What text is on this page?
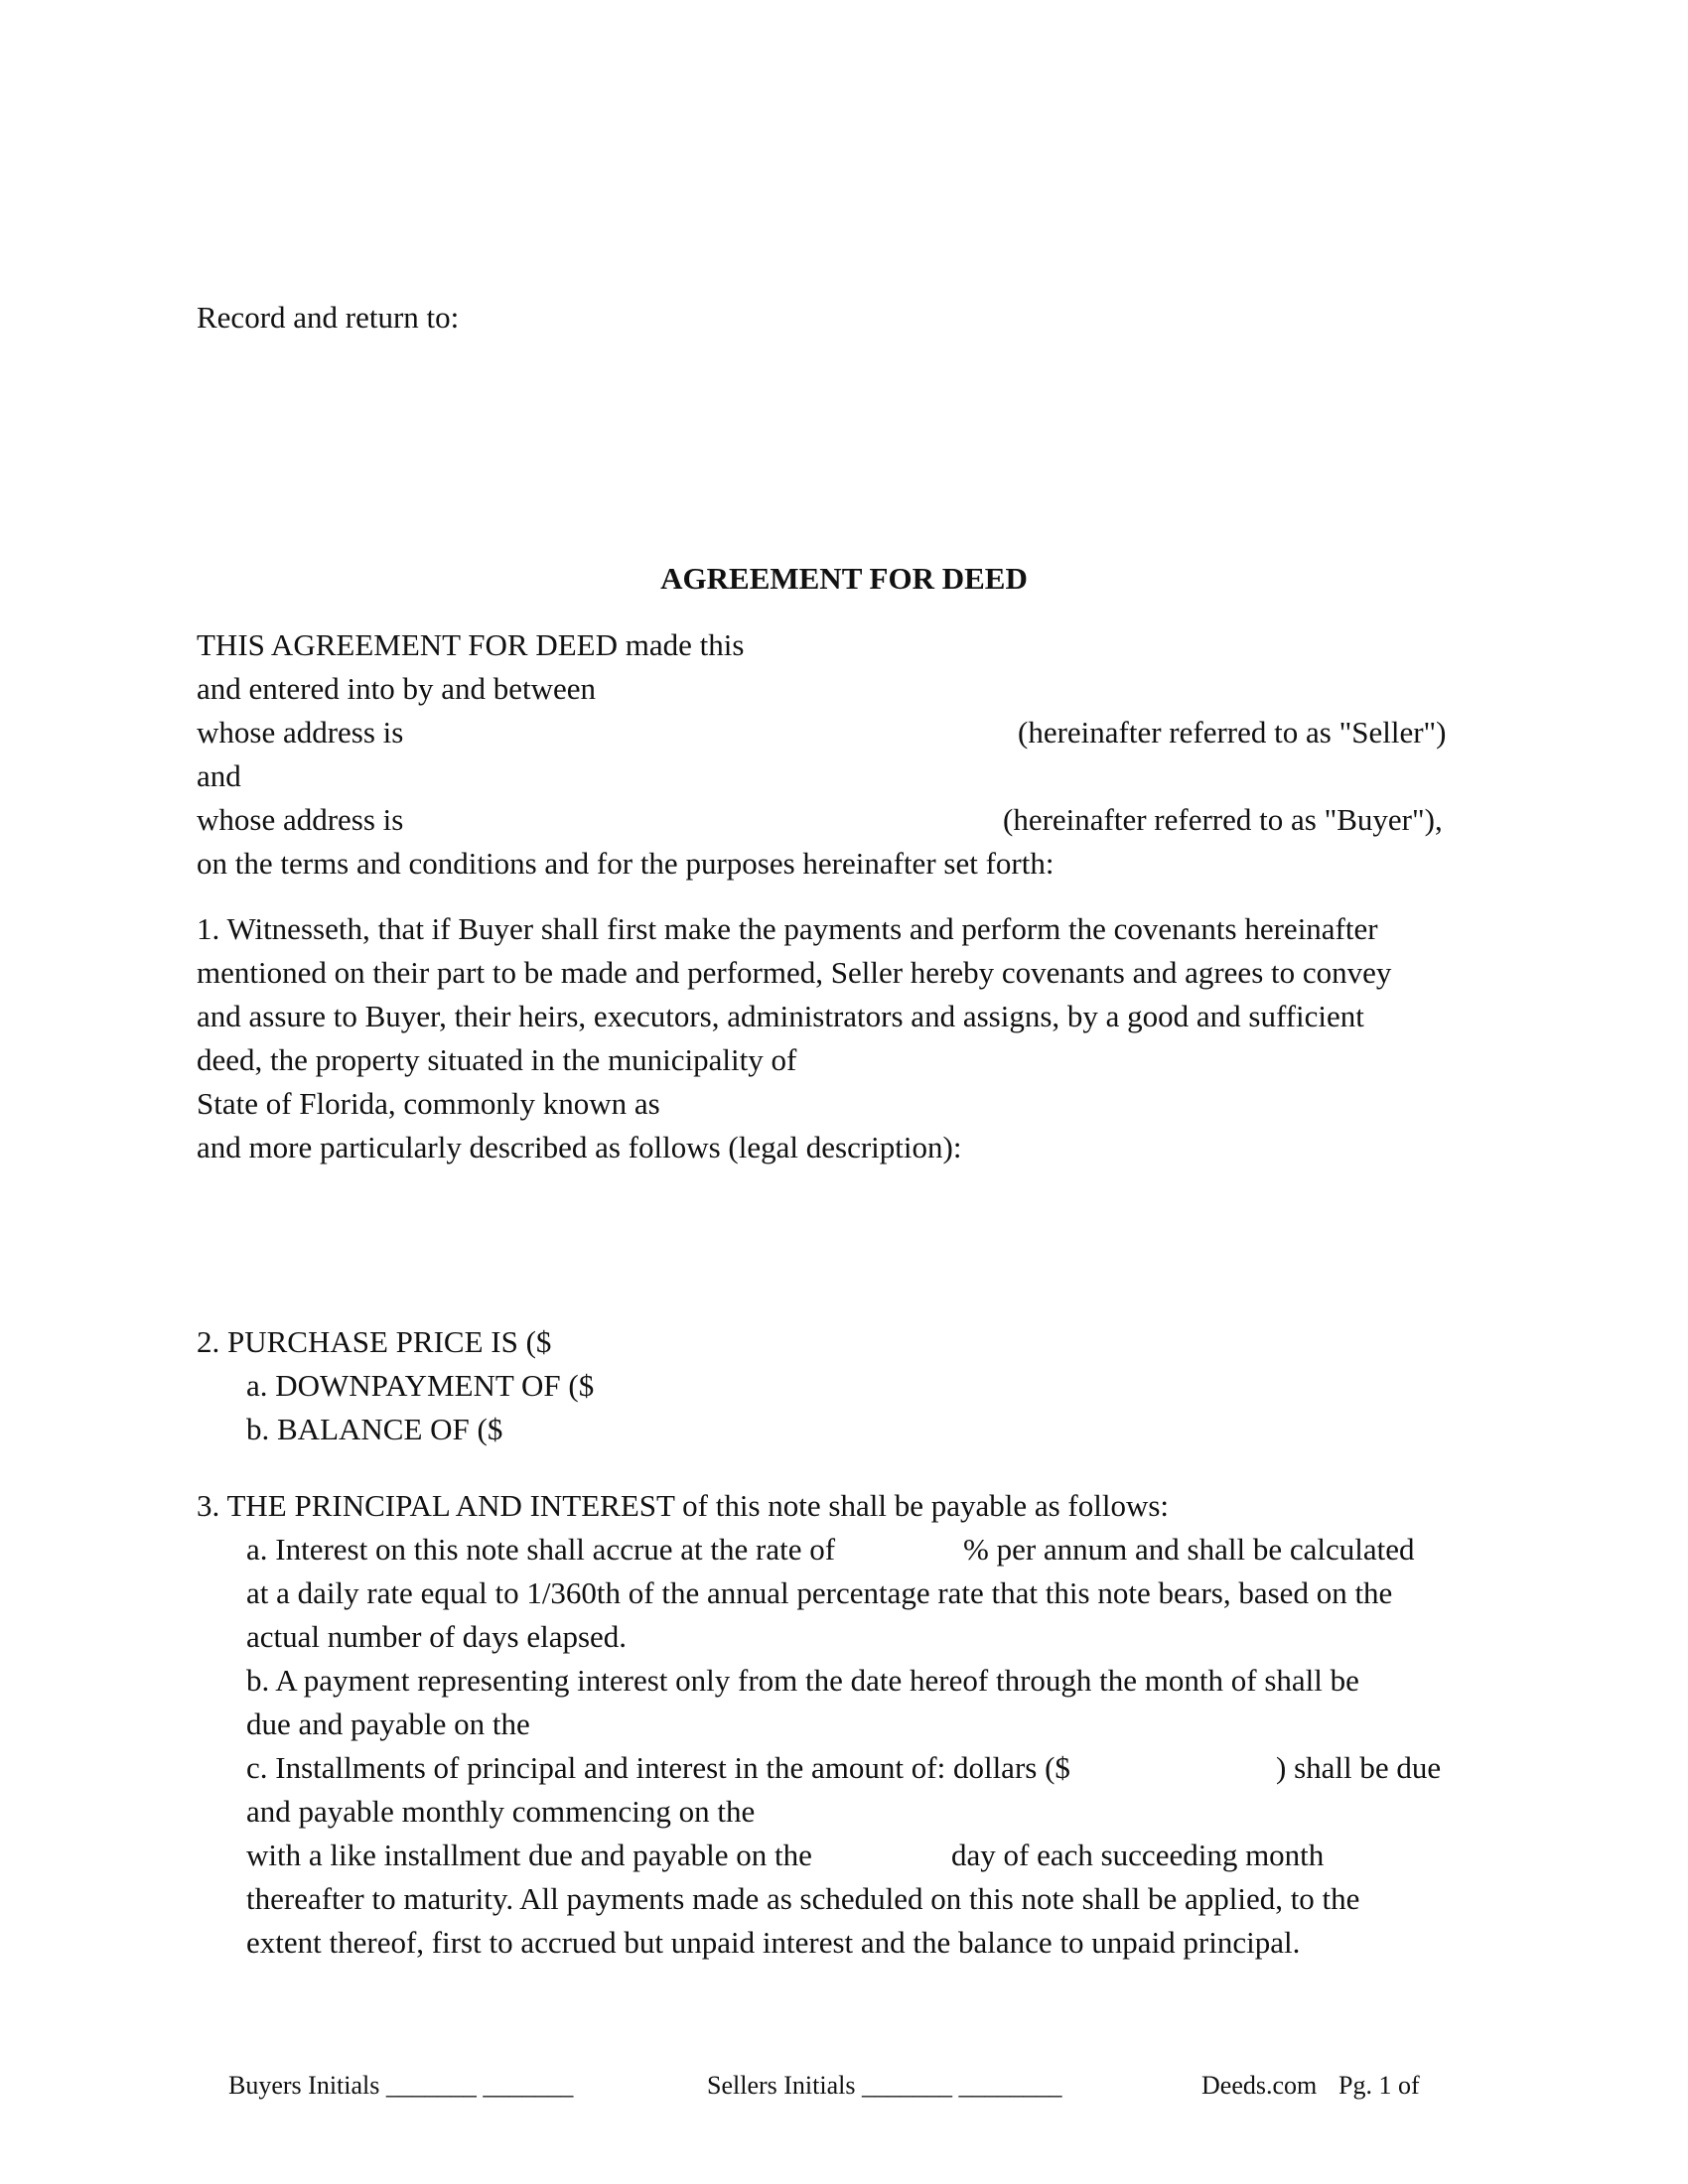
Record and return to:

AGREEMENT FOR DEED

THIS AGREEMENT FOR DEED made this

and entered into by and between

whose address is	(hereinafter referred to as "Seller")

and

whose address is	(hereinafter referred to as "Buyer"),

on the terms and conditions and for the purposes hereinafter set forth:

1. Witnesseth, that if Buyer shall first make the payments and perform the covenants hereinafter

mentioned on their part to be made and performed, Seller hereby covenants and agrees to convey

and assure to Buyer, their heirs, executors, administrators and assigns, by a good and sufficient

deed, the property situated in the municipality of

State of Florida, commonly known as

and more particularly described as follows (legal description):

2. PURCHASE PRICE IS ($

a. DOWNPAYMENT OF ($

b. BALANCE OF ($

3. THE PRINCIPAL AND INTEREST of this note shall be payable as follows:

a. Interest on this note shall accrue at the rate of	% per annum and shall be calculated

at a daily rate equal to 1/360th of the annual percentage rate that this note bears, based on the

actual number of days elapsed.

b. A payment representing interest only from the date hereof through the month of shall be

due and payable on the

c. Installments of principal and interest in the amount of: dollars ($	) shall be due

and payable monthly commencing on the

with a like installment due and payable on the	day of each succeeding month

thereafter to maturity. All payments made as scheduled on this note shall be applied, to the

extent thereof, first to accrued but unpaid interest and the balance to unpaid principal.

Buyers Initials _______ _______	Sellers Initials _______ ________	Deeds.com Pg. 1 of
